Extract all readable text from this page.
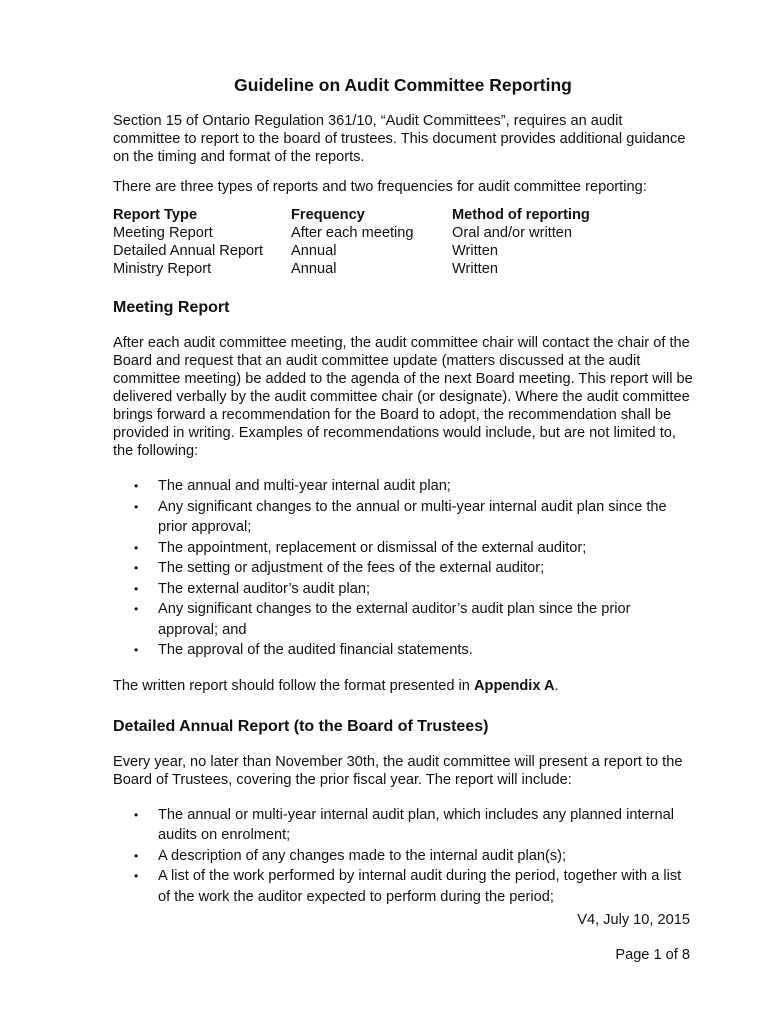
Guideline on Audit Committee Reporting

Section 15 of Ontario Regulation 361/10, “Audit Committees”, requires an audit committee to report to the board of trustees. This document provides additional guidance on the timing and format of the reports.

There are three types of reports and two frequencies for audit committee reporting:

Report Type	Frequency	Method of reporting
Meeting Report	After each meeting	Oral and/or written
Detailed Annual Report	Annual	Written
Ministry Report	Annual	Written
Meeting Report

After each audit committee meeting, the audit committee chair will contact the chair of the Board and request that an audit committee update (matters discussed at the audit committee meeting) be added to the agenda of the next Board meeting. This report will be delivered verbally by the audit committee chair (or designate). Where the audit committee brings forward a recommendation for the Board to adopt, the recommendation shall be provided in writing. Examples of recommendations would include, but are not limited to, the following:

• The annual and multi-year internal audit plan;
• Any significant changes to the annual or multi-year internal audit plan since the prior approval;
• The appointment, replacement or dismissal of the external auditor;
• The setting or adjustment of the fees of the external auditor;
• The external auditor’s audit plan;
• Any significant changes to the external auditor’s audit plan since the prior approval; and
• The approval of the audited financial statements.

The written report should follow the format presented in Appendix A.

Detailed Annual Report (to the Board of Trustees)

Every year, no later than November 30th, the audit committee will present a report to the Board of Trustees, covering the prior fiscal year. The report will include:

• The annual or multi-year internal audit plan, which includes any planned internal audits on enrolment;
• A description of any changes made to the internal audit plan(s);
• A list of the work performed by internal audit during the period, together with a list of the work the auditor expected to perform during the period;
V4, July 10, 2015
Page 1 of 8
